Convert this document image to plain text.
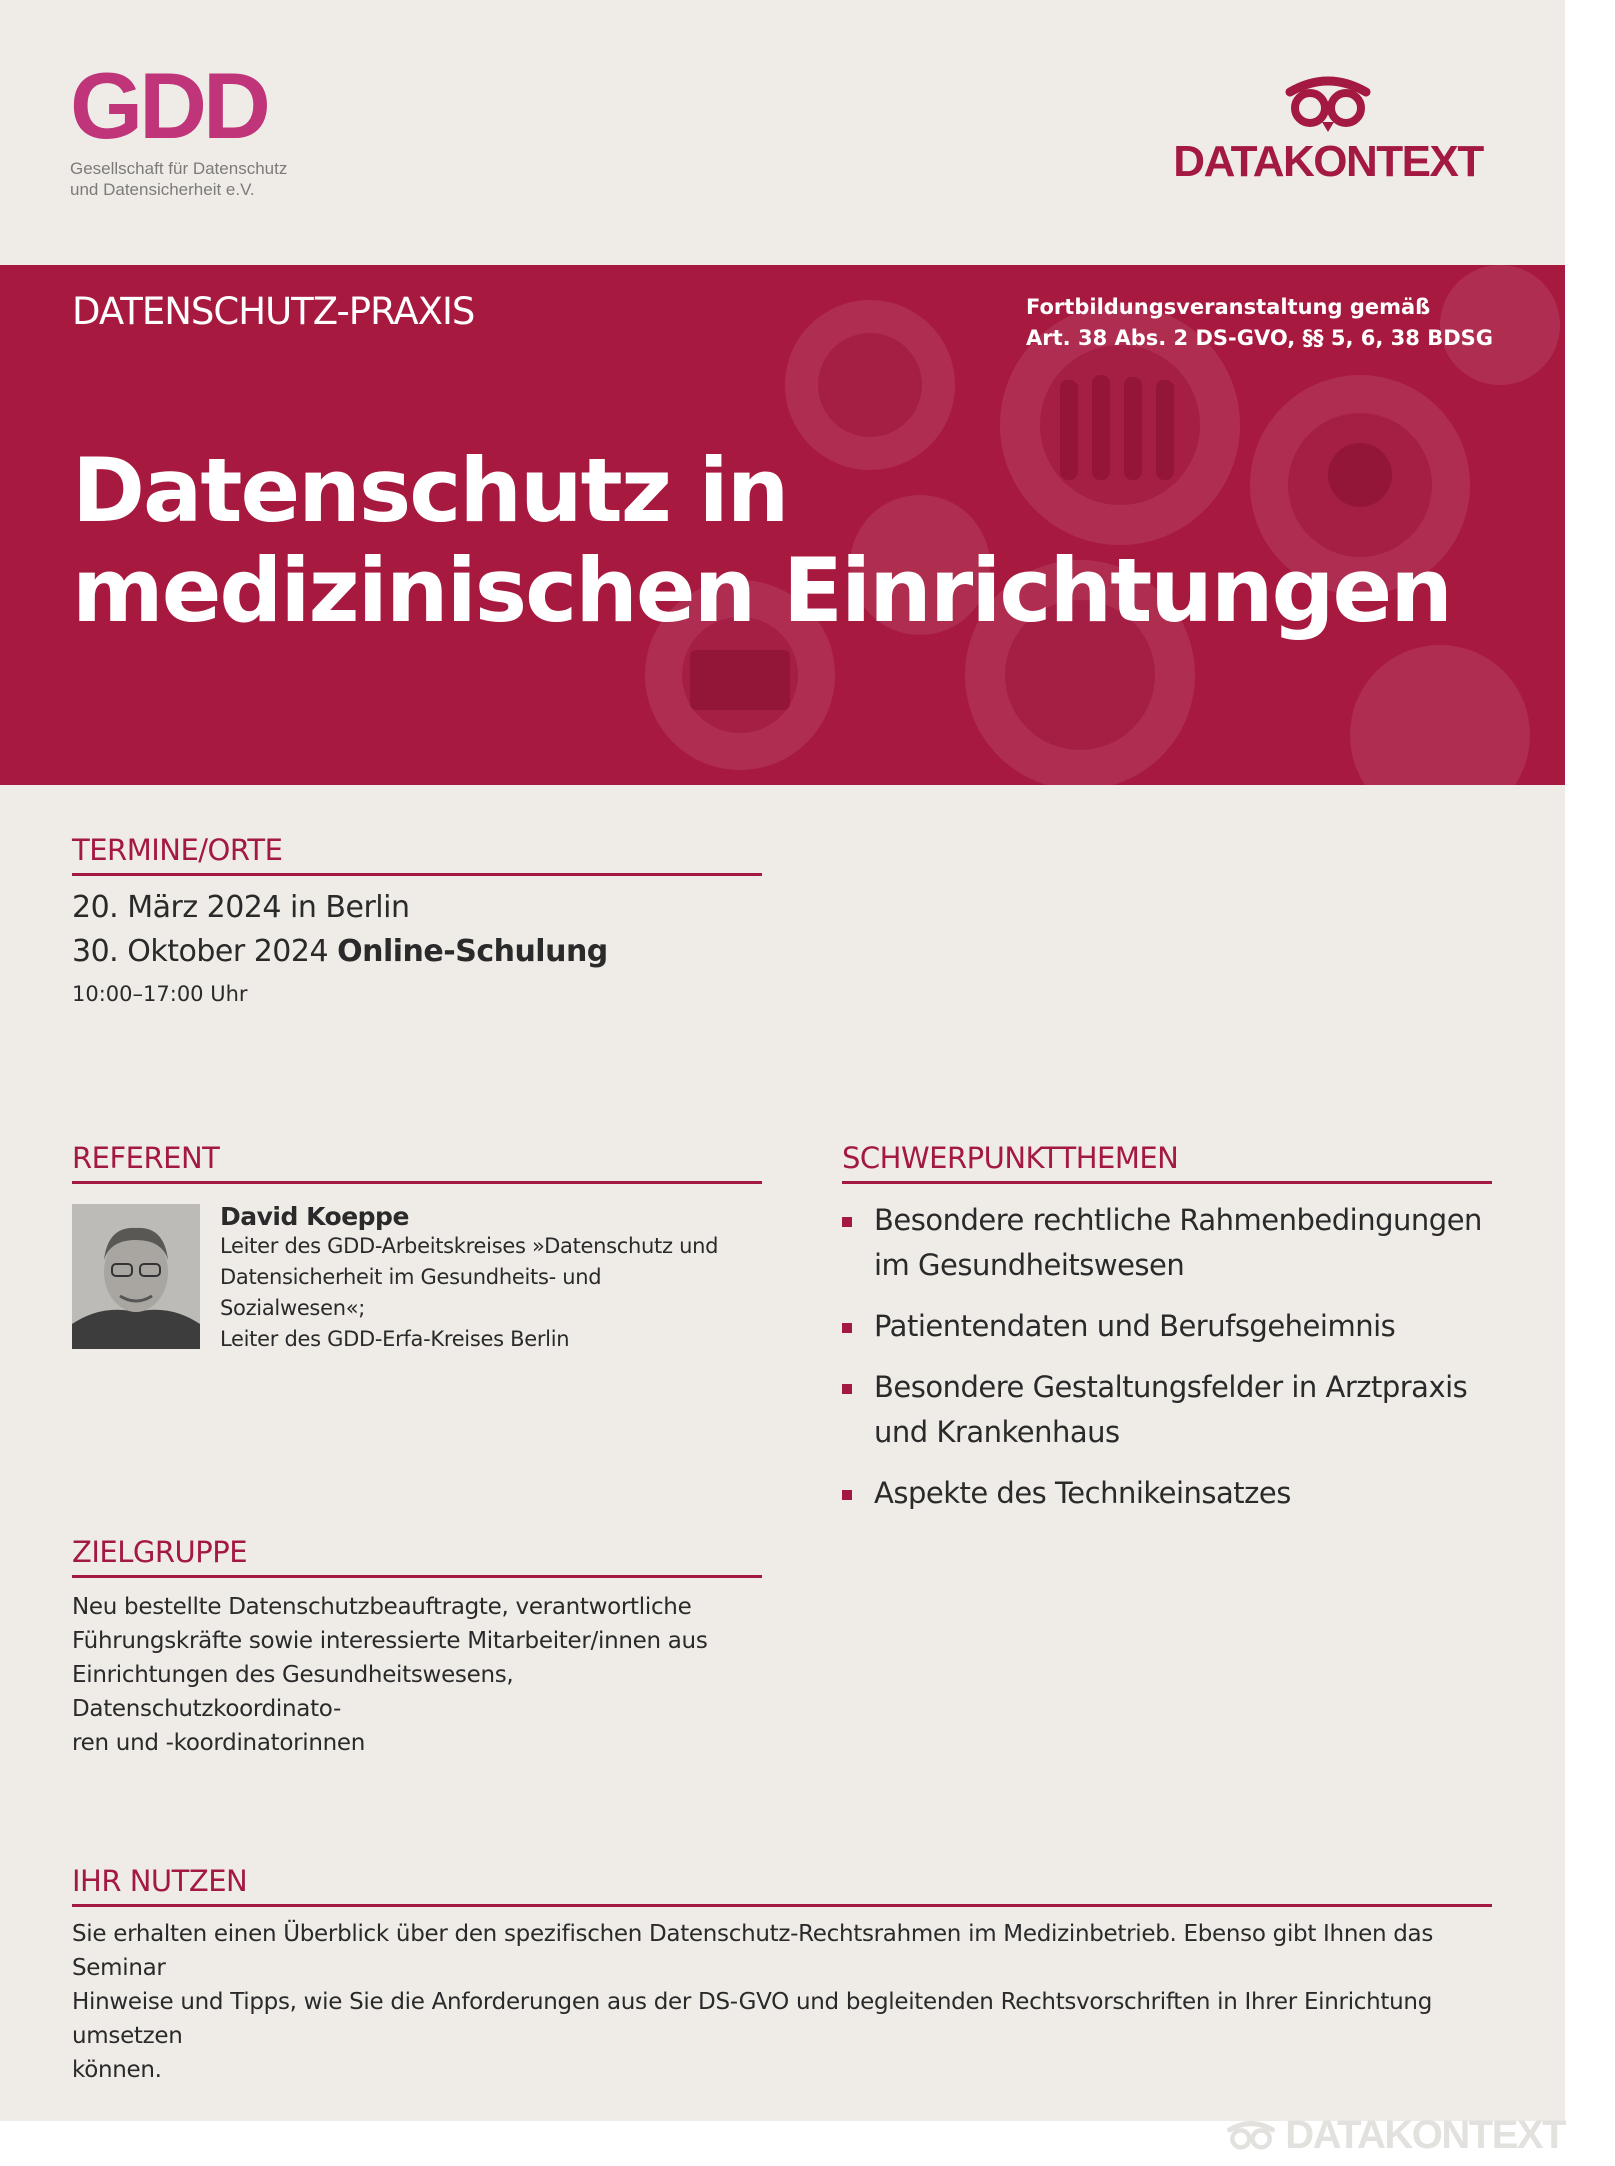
GDD
Gesellschaft für Datenschutz
und Datensicherheit e.V.
DATAKONTEXT
DATENSCHUTZ-PRAXIS	Fortbildungsveranstaltung gemäß
Art. 38 Abs. 2 DS-GVO, §§ 5, 6, 38 BDSG
Datenschutz in
medizinischen Einrichtungen
TERMINE/ORTE
20. März 2024 in Berlin
30. Oktober 2024 Online-Schulung
10:00–17:00 Uhr
REFERENT
David Koeppe
Leiter des GDD-Arbeitskreises »Datenschutz und
Datensicherheit im Gesundheits- und Sozialwesen«;
Leiter des GDD-Erfa-Kreises Berlin
SCHWERPUNKTTHEMEN
Besondere rechtliche Rahmenbedingungen
im Gesundheitswesen
Patientendaten und Berufsgeheimnis
Besondere Gestaltungsfelder in Arztpraxis
und Krankenhaus
Aspekte des Technikeinsatzes
ZIELGRUPPE
Neu bestellte Datenschutzbeauftragte, verantwortliche
Führungskräfte sowie interessierte Mitarbeiter/innen aus
Einrichtungen des Gesundheitswesens, Datenschutzkoordinato-
ren und -koordinatorinnen
IHR NUTZEN
Sie erhalten einen Überblick über den spezifischen Datenschutz-Rechtsrahmen im Medizinbetrieb. Ebenso gibt Ihnen das Seminar
Hinweise und Tipps, wie Sie die Anforderungen aus der DS-GVO und begleitenden Rechtsvorschriften in Ihrer Einrichtung umsetzen
können.
DATAKONTEXT
